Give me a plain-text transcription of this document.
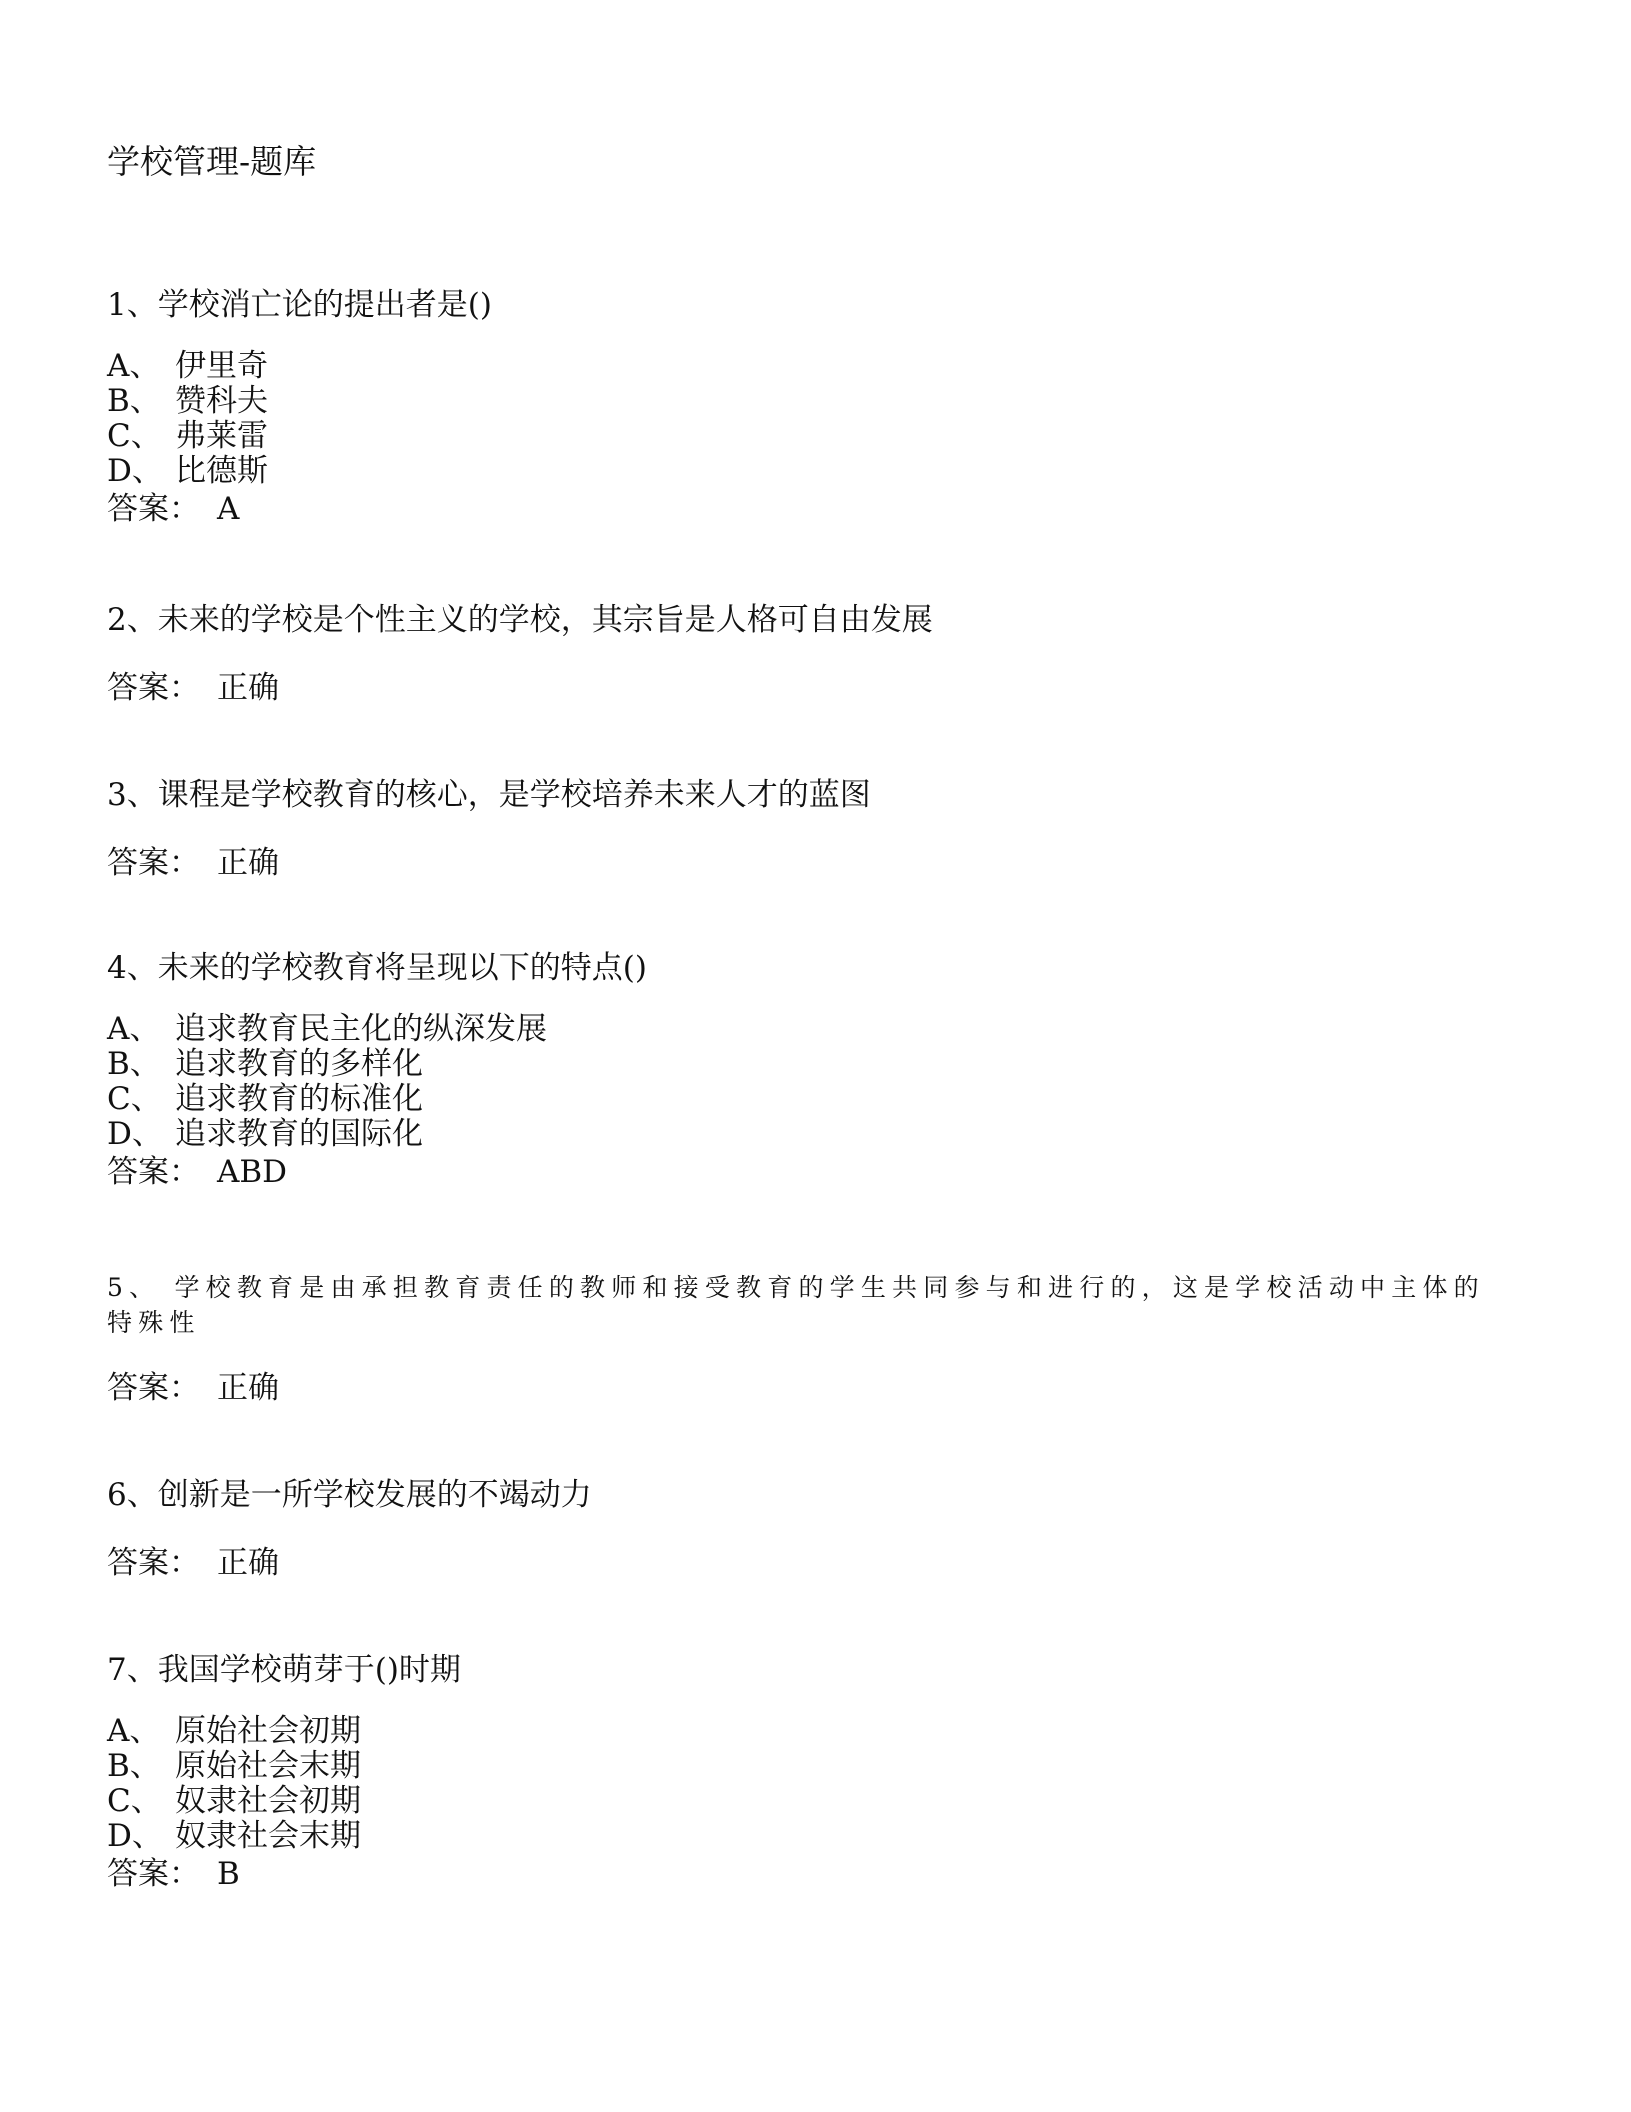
学校管理-题库
1、学校消亡论的提出者是()
A、 伊里奇
B、 赞科夫
C、 弗莱雷
D、 比德斯
答案： A
2、未来的学校是个性主义的学校，其宗旨是人格可自由发展
答案： 正确
3、课程是学校教育的核心，是学校培养未来人才的蓝图
答案： 正确
4、未来的学校教育将呈现以下的特点()
A、 追求教育民主化的纵深发展
B、 追求教育的多样化
C、 追求教育的标准化
D、 追求教育的国际化
答案： ABD
5、 学校教育是由承担教育责任的教师和接受教育的学生共同参与和进行的，这是学校活动中主体的特殊性
答案： 正确
6、创新是一所学校发展的不竭动力
答案： 正确
7、我国学校萌芽于()时期
A、 原始社会初期
B、 原始社会末期
C、 奴隶社会初期
D、 奴隶社会末期
答案： B
